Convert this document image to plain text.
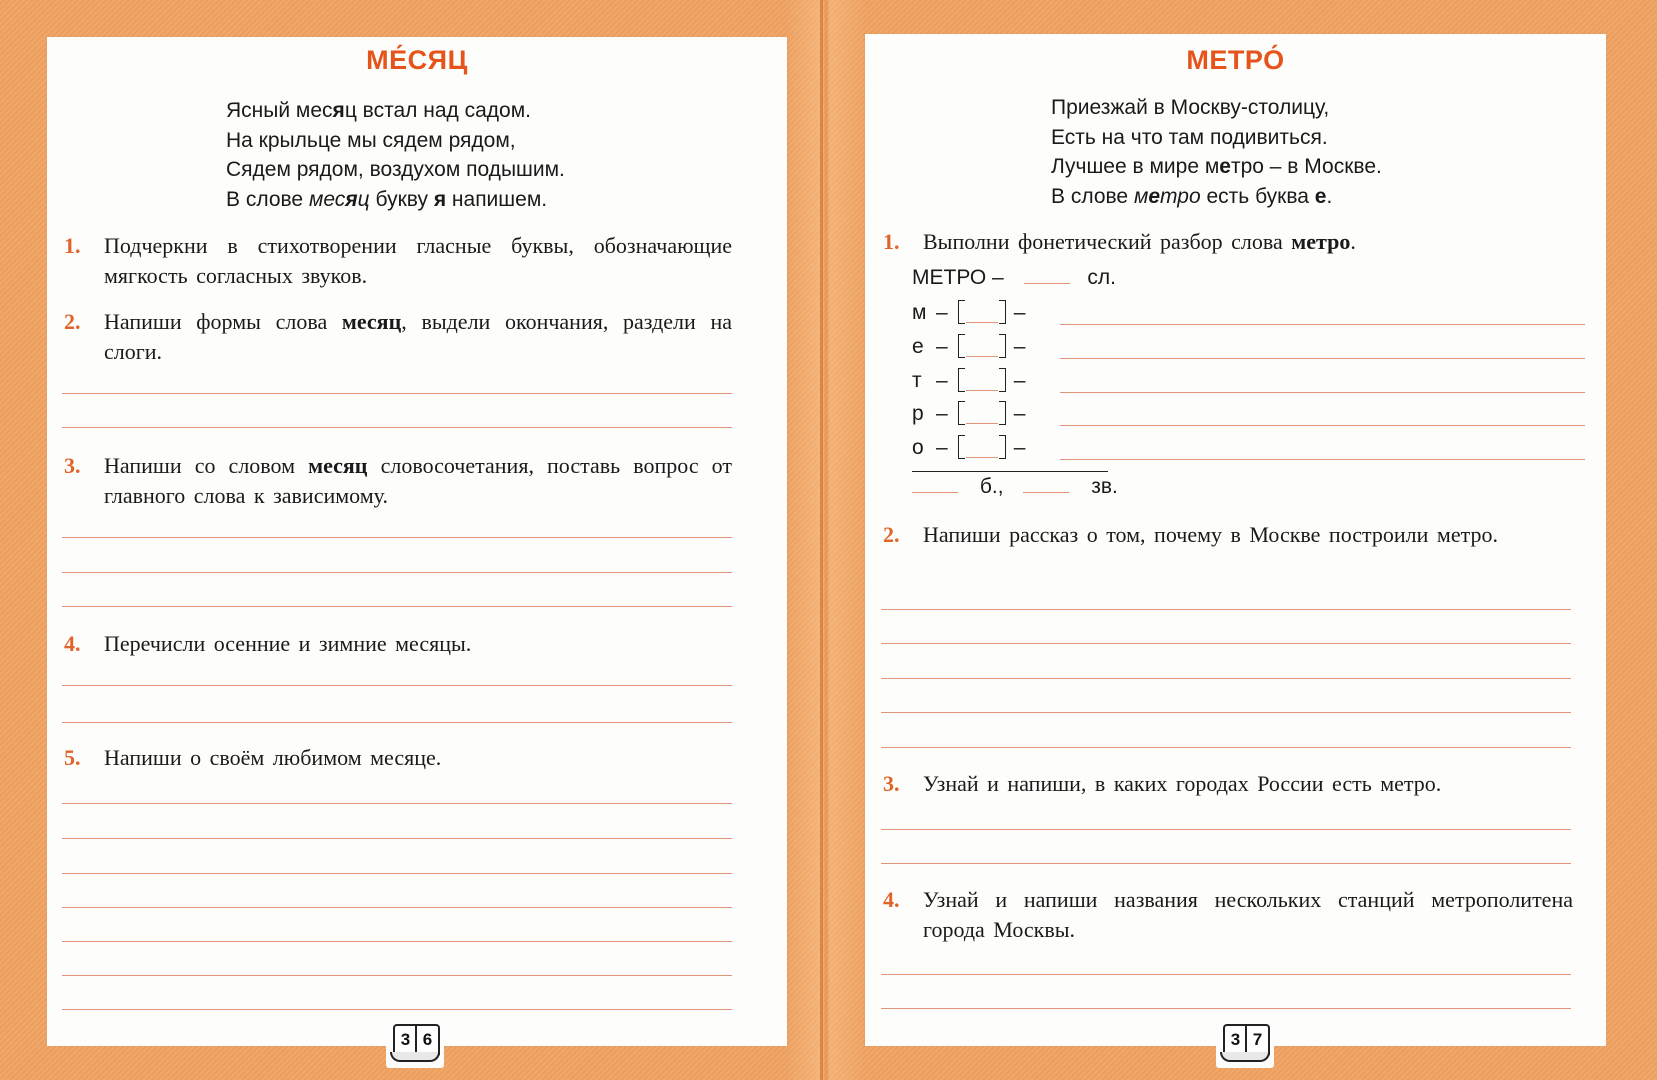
МЕ́СЯЦ
Ясный месяц встал над садом.
На крыльце мы сядем рядом,
Сядем рядом, воздухом подышим.
В слове месяц букву я напишем.
1. Подчеркни в стихотворении гласные буквы, обозначающие мягкость согласных звуков.
2. Напиши формы слова месяц, выдели окончания, раздели на слоги.
3. Напиши со словом месяц словосочетания, поставь вопрос от главного слова к зависимому.
4. Перечисли осенние и зимние месяцы.
5. Напиши о своём любимом месяце.
3 6
МЕТРО́
Приезжай в Москву-столицу,
Есть на что там подивиться.
Лучшее в мире метро – в Москве.
В слове метро есть буква е.
1. Выполни фонетический разбор слова метро.
МЕТРО –	сл.
м –	–
е –	–
т –	–
р –	–
о –	–
б.,	зв.
2. Напиши рассказ о том, почему в Москве построили метро.
3. Узнай и напиши, в каких городах России есть метро.
4. Узнай и напиши названия нескольких станций метрополитена города Москвы.
3 7
